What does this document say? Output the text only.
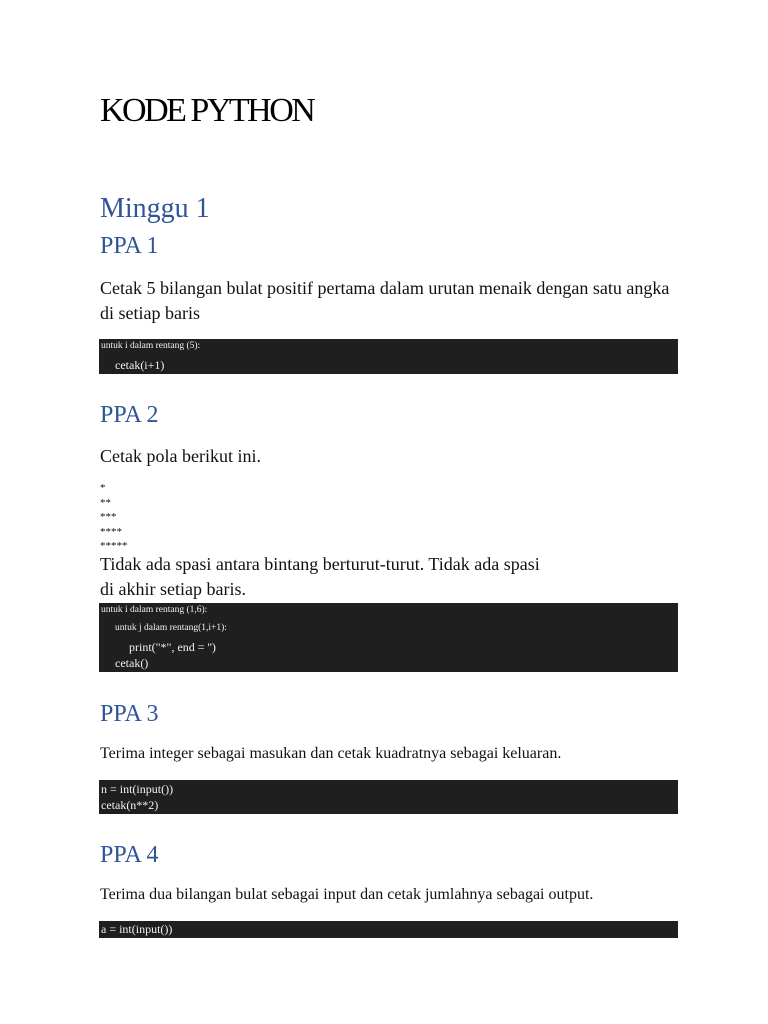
KODE PYTHON
Minggu 1
PPA 1
Cetak 5 bilangan bulat positif pertama dalam urutan menaik dengan satu angka
di setiap baris
untuk i dalam rentang (5):
cetak(i+1)
PPA 2
Cetak pola berikut ini.
*
**
***
****
*****
Tidak ada spasi antara bintang berturut-turut. Tidak ada spasi
di akhir setiap baris.
untuk i dalam rentang (1,6):
untuk j dalam rentang(1,i+1):
print("*", end = '')
cetak()
PPA 3
Terima integer sebagai masukan dan cetak kuadratnya sebagai keluaran.
n = int(input())
cetak(n**2)
PPA 4
Terima dua bilangan bulat sebagai input dan cetak jumlahnya sebagai output.
a = int(input())
